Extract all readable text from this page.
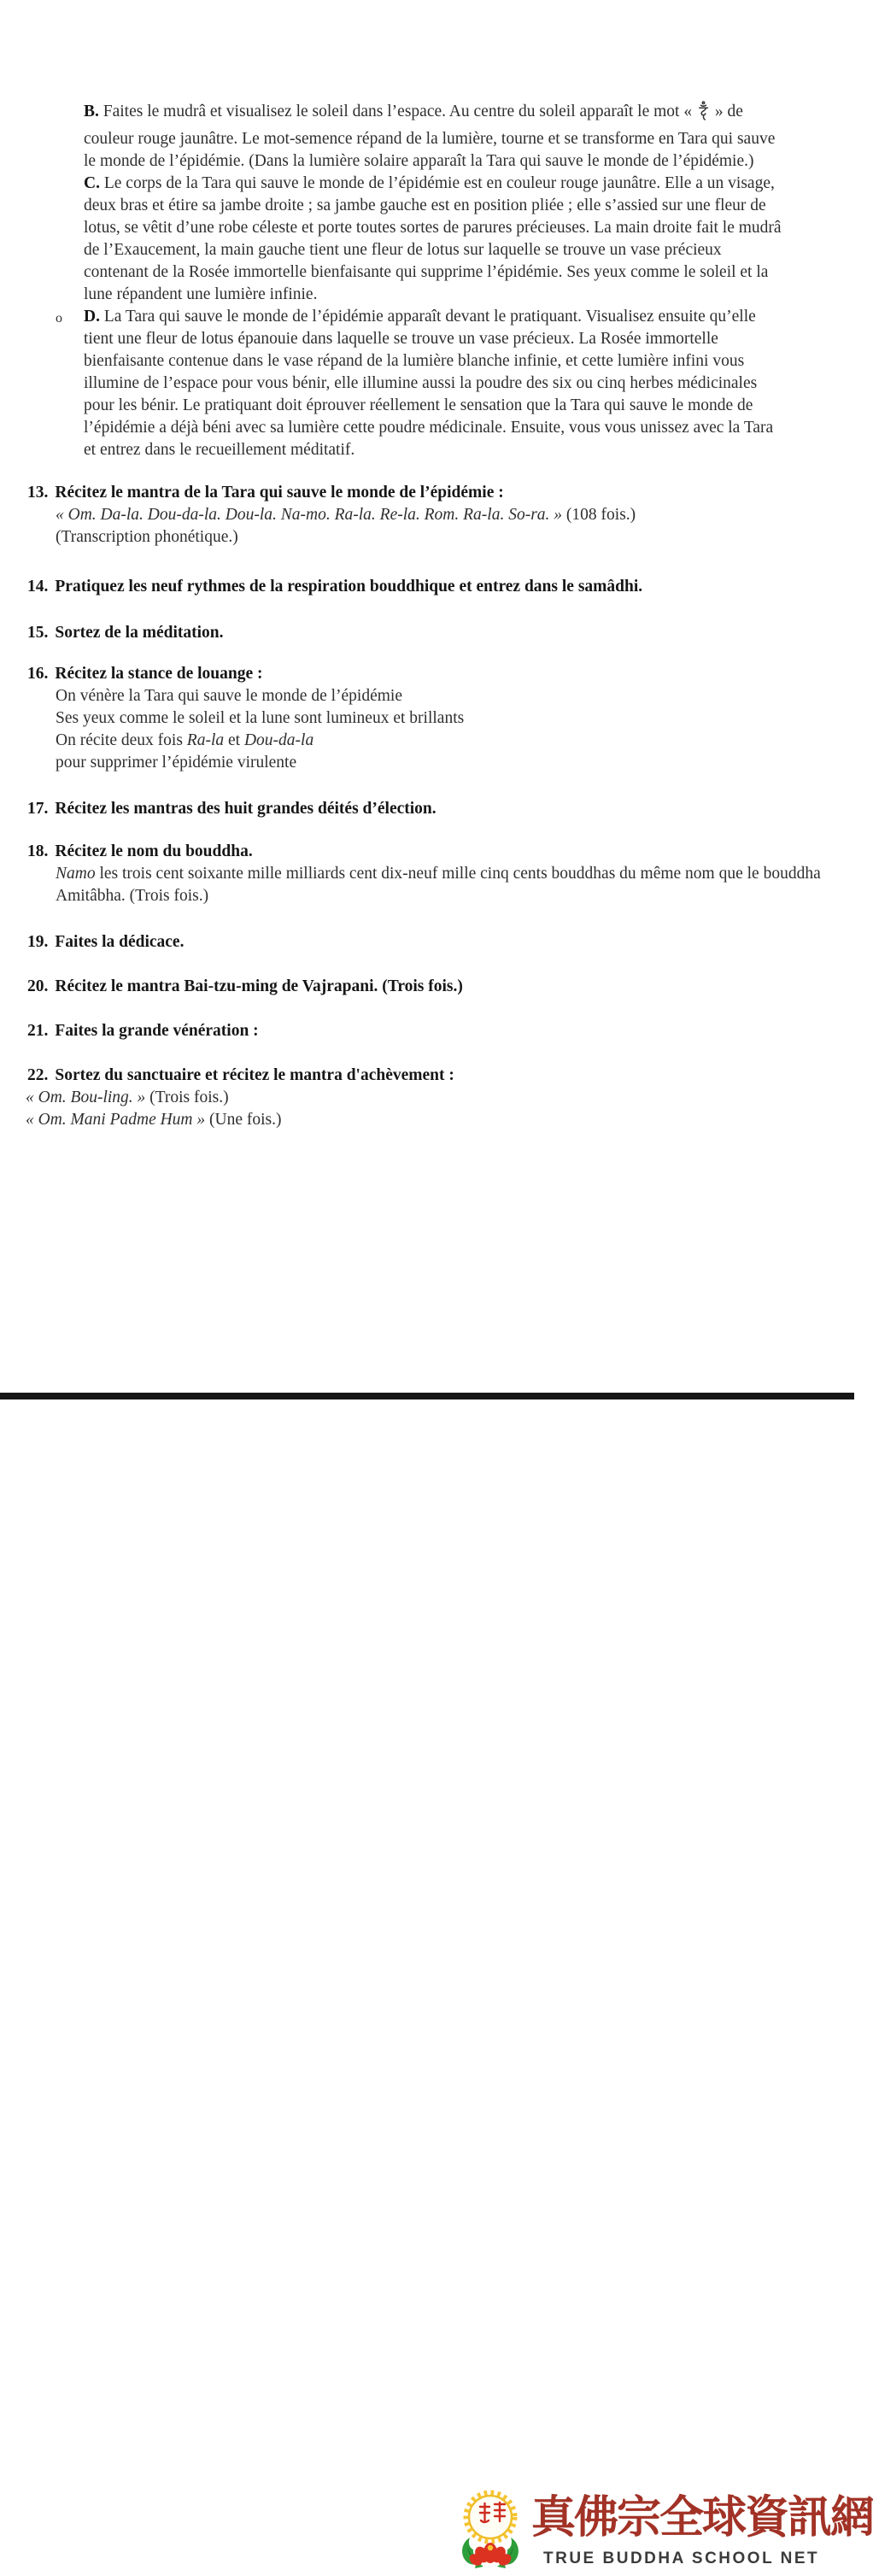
B. Faites le mudrâ et visualisez le soleil dans l’espace. Au centre du soleil apparaît le mot «  » de couleur rouge jaunâtre. Le mot-semence répand de la lumière, tourne et se transforme en Tara qui sauve le monde de l’épidémie. (Dans la lumière solaire apparaît la Tara qui sauve le monde de l’épidémie.)

C. Le corps de la Tara qui sauve le monde de l’épidémie est en couleur rouge jaunâtre. Elle a un visage, deux bras et étire sa jambe droite ; sa jambe gauche est en position pliée ; elle s’assied sur une fleur de lotus, se vêtit d’une robe céleste et porte toutes sortes de parures précieuses. La main droite fait le mudrâ de l’Exaucement, la main gauche tient une fleur de lotus sur laquelle se trouve un vase précieux contenant de la Rosée immortelle bienfaisante qui supprime l’épidémie. Ses yeux comme le soleil et la lune répandent une lumière infinie.

o D. La Tara qui sauve le monde de l’épidémie apparaît devant le pratiquant. Visualisez ensuite qu’elle tient une fleur de lotus épanouie dans laquelle se trouve un vase précieux. La Rosée immortelle bienfaisante contenue dans le vase répand de la lumière blanche infinie, et cette lumière infini vous illumine de l’espace pour vous bénir, elle illumine aussi la poudre des six ou cinq herbes médicinales pour les bénir. Le pratiquant doit éprouver réellement le sensation que la Tara qui sauve le monde de l’épidémie a déjà béni avec sa lumière cette poudre médicinale. Ensuite, vous vous unissez avec la Tara et entrez dans le recueillement méditatif.

13. Récitez le mantra de la Tara qui sauve le monde de l’épidémie :
« Om. Da-la. Dou-da-la. Dou-la. Na-mo. Ra-la. Re-la. Rom. Ra-la. So-ra. » (108 fois.)
(Transcription phonétique.)
14. Pratiquez les neuf rythmes de la respiration bouddhique et entrez dans le samâdhi.
15. Sortez de la méditation.
16. Récitez la stance de louange :
On vénère la Tara qui sauve le monde de l’épidémie
Ses yeux comme le soleil et la lune sont lumineux et brillants
On récite deux fois Ra-la et Dou-da-la
pour supprimer l’épidémie virulente
17. Récitez les mantras des huit grandes déités d’élection.
18. Récitez le nom du bouddha.
Namo les trois cent soixante mille milliards cent dix-neuf mille cinq cents bouddhas du même nom que le bouddha Amitâbha. (Trois fois.)
19. Faites la dédicace.
20. Récitez le mantra Bai-tzu-ming de Vajrapani. (Trois fois.)
21. Faites la grande vénération :
22. Sortez du sanctuaire et récitez le mantra d'achèvement :
« Om. Bou-ling. » (Trois fois.)
« Om. Mani Padme Hum » (Une fois.)
真佛宗全球資訊網
TRUE BUDDHA SCHOOL NET
